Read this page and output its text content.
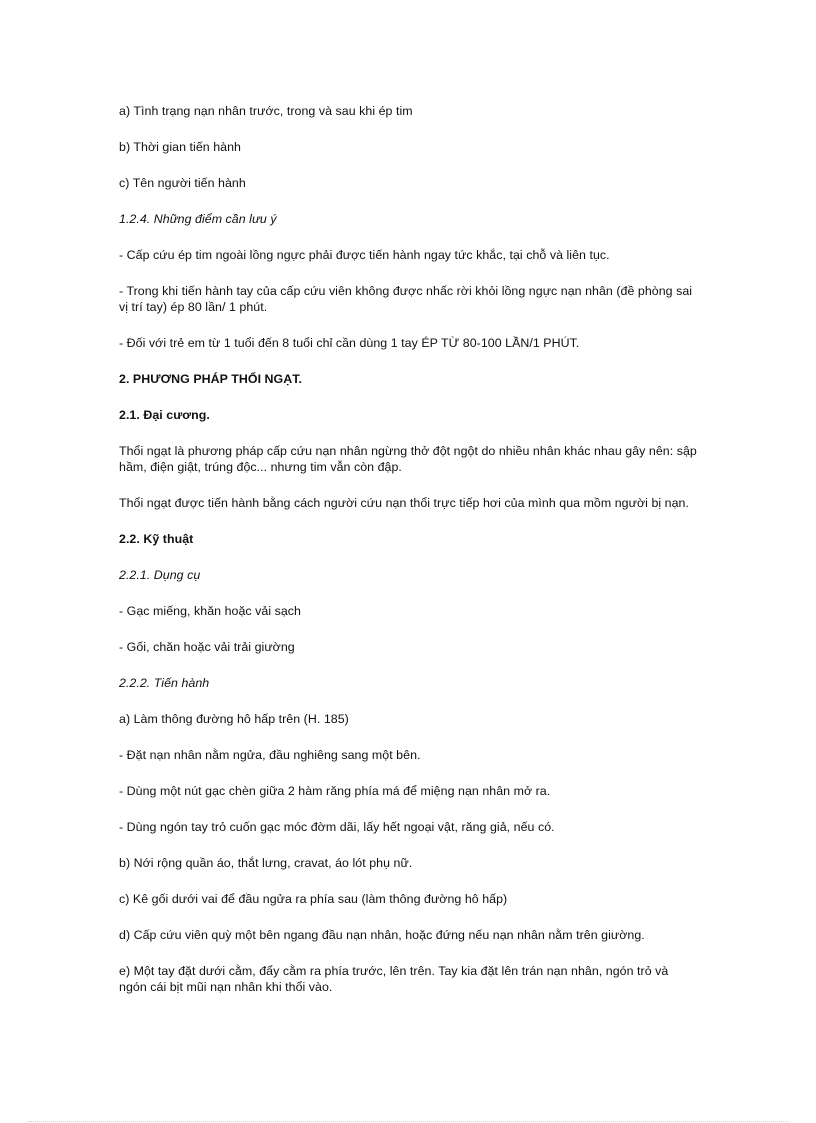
a) Tình trạng nạn nhân trước, trong và sau khi ép tim

b) Thời gian tiến hành

c) Tên người tiến hành

1.2.4. Những điểm cần lưu ý

- Cấp cứu ép tim ngoài lồng ngực phải được tiến hành ngay tức khắc, tại chỗ và liên tục.

- Trong khi tiến hành tay của cấp cứu viên không được nhấc rời khỏi lồng ngực nạn nhân (đề phòng sai vị trí tay) ép 80 lần/ 1 phút.

- Đối với trẻ em từ 1 tuổi đến 8 tuổi chỉ cần dùng 1 tay ÉP TỪ 80-100 LẦN/1 PHÚT.

2. PHƯƠNG PHÁP THỔI NGẠT.

2.1. Đại cương.

Thổi ngạt là phương pháp cấp cứu nạn nhân ngừng thở đột ngột do nhiều nhân khác nhau gây nên: sập hầm, điện giật, trúng độc... nhưng tim vẫn còn đập.

Thổi ngạt được tiến hành bằng cách người cứu nạn thổi trực tiếp hơi của mình qua mồm người bị nạn.

2.2. Kỹ thuật

2.2.1. Dụng cụ

- Gạc miếng, khăn hoặc vải sạch

- Gối, chăn hoặc vải trải giường

2.2.2. Tiến hành

a) Làm thông đường hô hấp trên (H. 185)

- Đặt nạn nhân nằm ngửa, đầu nghiêng sang một bên.

- Dùng một nút gạc chèn giữa 2 hàm răng phía má để miệng nạn nhân mở ra.

- Dùng ngón tay trỏ cuốn gạc móc đờm dãi, lấy hết ngoại vật, răng giả, nếu có.

b) Nới rộng quần áo, thắt lưng, cravat, áo lót phụ nữ.

c) Kê gối dưới vai để đầu ngửa ra phía sau (làm thông đường hô hấp)

d) Cấp cứu viên quỳ một bên ngang đầu nạn nhân, hoặc đứng nếu nạn nhân nằm trên giường.

e) Một tay đặt dưới cằm, đẩy cằm ra phía trước, lên trên. Tay kia đặt lên trán nạn nhân, ngón trỏ và ngón cái bịt mũi nạn nhân khi thổi vào.
